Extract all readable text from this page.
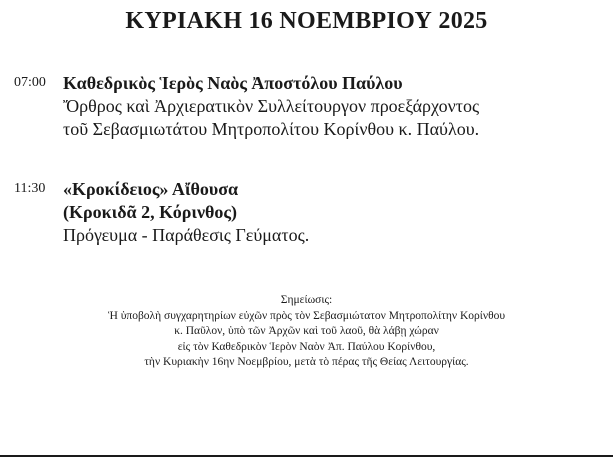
ΚΥΡΙΑΚΗ 16 ΝΟΕΜΒΡΙΟΥ 2025
07:00 Καθεδρικὸς Ἱερὸς Ναὸς Ἀποστόλου Παύλου
Ὄρθρος καὶ Ἀρχιερατικὸν Συλλείτουργον προεξάρχοντος
τοῦ Σεβασμιωτάτου Μητροπολίτου Κορίνθου κ. Παύλου.
11:30 «Κροκίδειος» Αἴθουσα
(Κροκιδᾶ 2, Κόρινθος)
Πρόγευμα - Παράθεσις Γεύματος.
Σημείωσις:
Ἡ ὑποβολὴ συγχαρητηρίων εὐχῶν πρὸς τὸν Σεβασμιώτατον Μητροπολίτην Κορίνθου
κ. Παῦλον, ὑπὸ τῶν Ἀρχῶν καὶ τοῦ λαοῦ, θὰ λάβῃ χώραν
εἰς τὸν Καθεδρικὸν Ἱερὸν Ναὸν Ἀπ. Παύλου Κορίνθου,
τὴν Κυριακὴν 16ην Νοεμβρίου, μετὰ τὸ πέρας τῆς Θείας Λειτουργίας.
